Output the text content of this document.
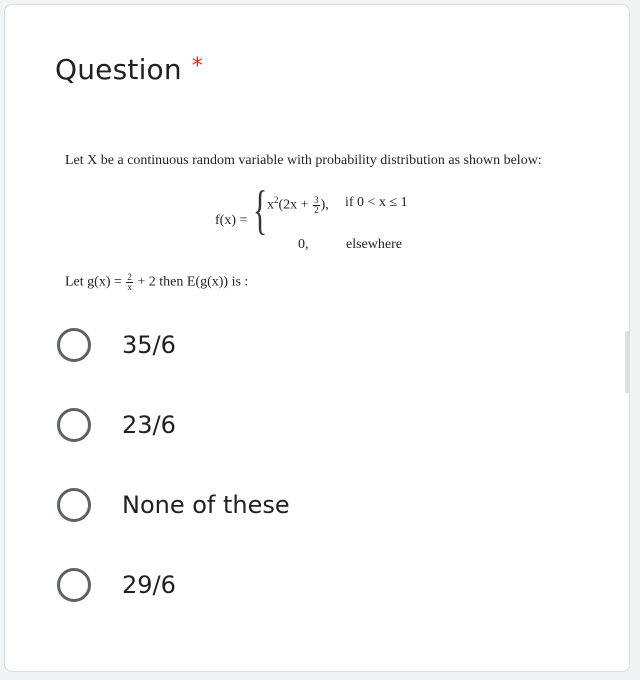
Question *
Let X be a continuous random variable with probability distribution as shown below:
f(x) = { $x^2(2x + \frac{3}{2}$ ), if 0 < x ≤ 1
0,	elsewhere
Let $g(x) = \frac{2}{x} + 2$ then E(g(x)) is :
35/6
23/6
None of these
29/6
